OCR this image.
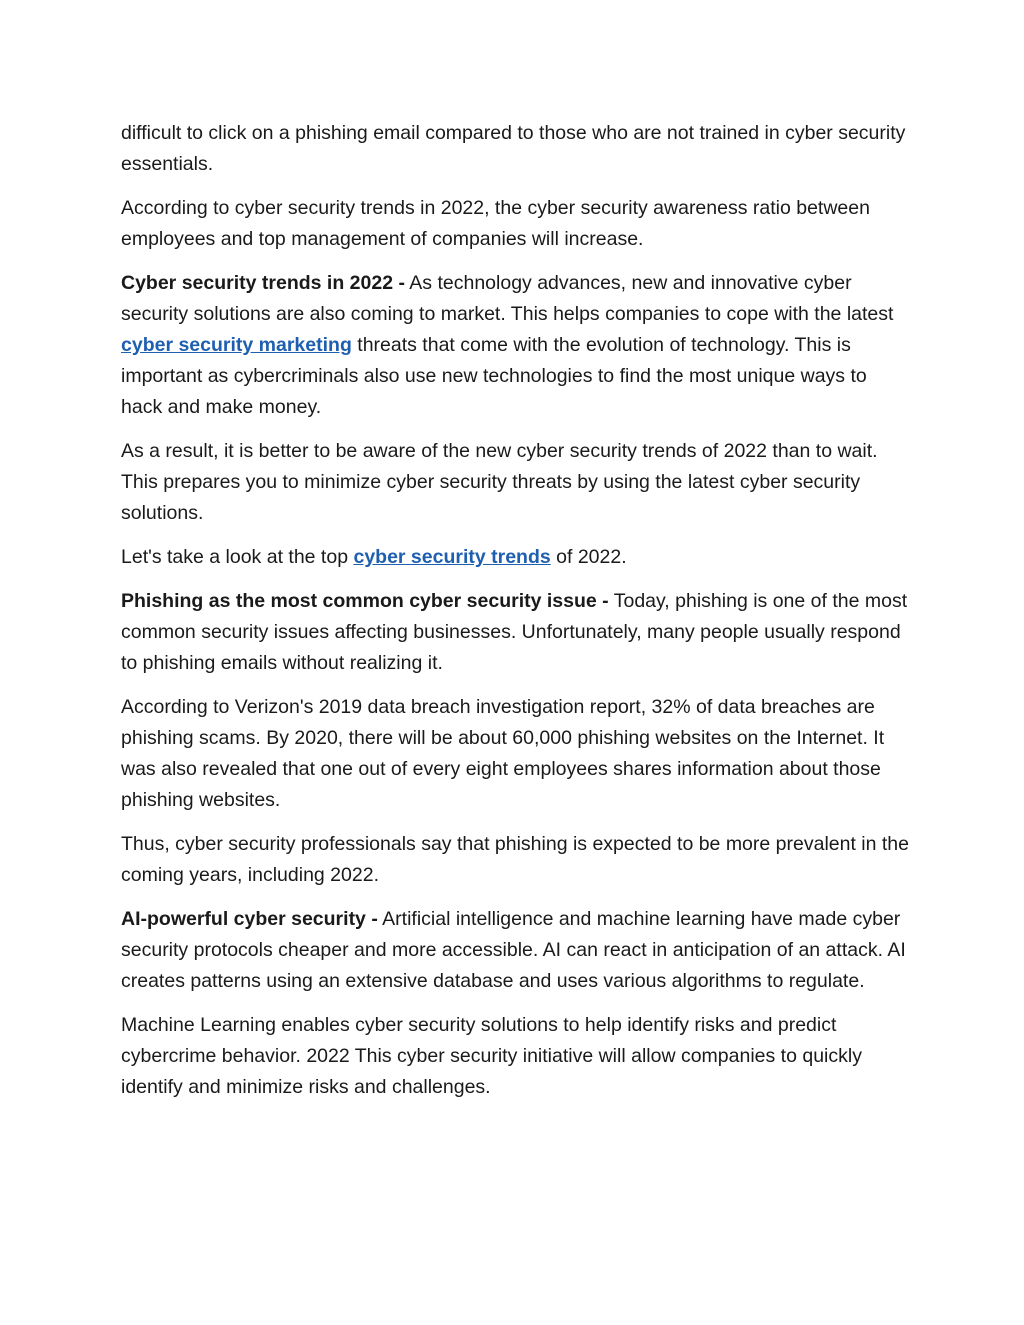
difficult to click on a phishing email compared to those who are not trained in cyber security essentials.

According to cyber security trends in 2022, the cyber security awareness ratio between employees and top management of companies will increase.

Cyber security trends in 2022 - As technology advances, new and innovative cyber security solutions are also coming to market. This helps companies to cope with the latest cyber security marketing threats that come with the evolution of technology. This is important as cybercriminals also use new technologies to find the most unique ways to hack and make money.

As a result, it is better to be aware of the new cyber security trends of 2022 than to wait. This prepares you to minimize cyber security threats by using the latest cyber security solutions.

Let's take a look at the top cyber security trends of 2022.

Phishing as the most common cyber security issue - Today, phishing is one of the most common security issues affecting businesses. Unfortunately, many people usually respond to phishing emails without realizing it.

According to Verizon's 2019 data breach investigation report, 32% of data breaches are phishing scams. By 2020, there will be about 60,000 phishing websites on the Internet. It was also revealed that one out of every eight employees shares information about those phishing websites.

Thus, cyber security professionals say that phishing is expected to be more prevalent in the coming years, including 2022.

AI-powerful cyber security - Artificial intelligence and machine learning have made cyber security protocols cheaper and more accessible. AI can react in anticipation of an attack. AI creates patterns using an extensive database and uses various algorithms to regulate.

Machine Learning enables cyber security solutions to help identify risks and predict cybercrime behavior. 2022 This cyber security initiative will allow companies to quickly identify and minimize risks and challenges.
